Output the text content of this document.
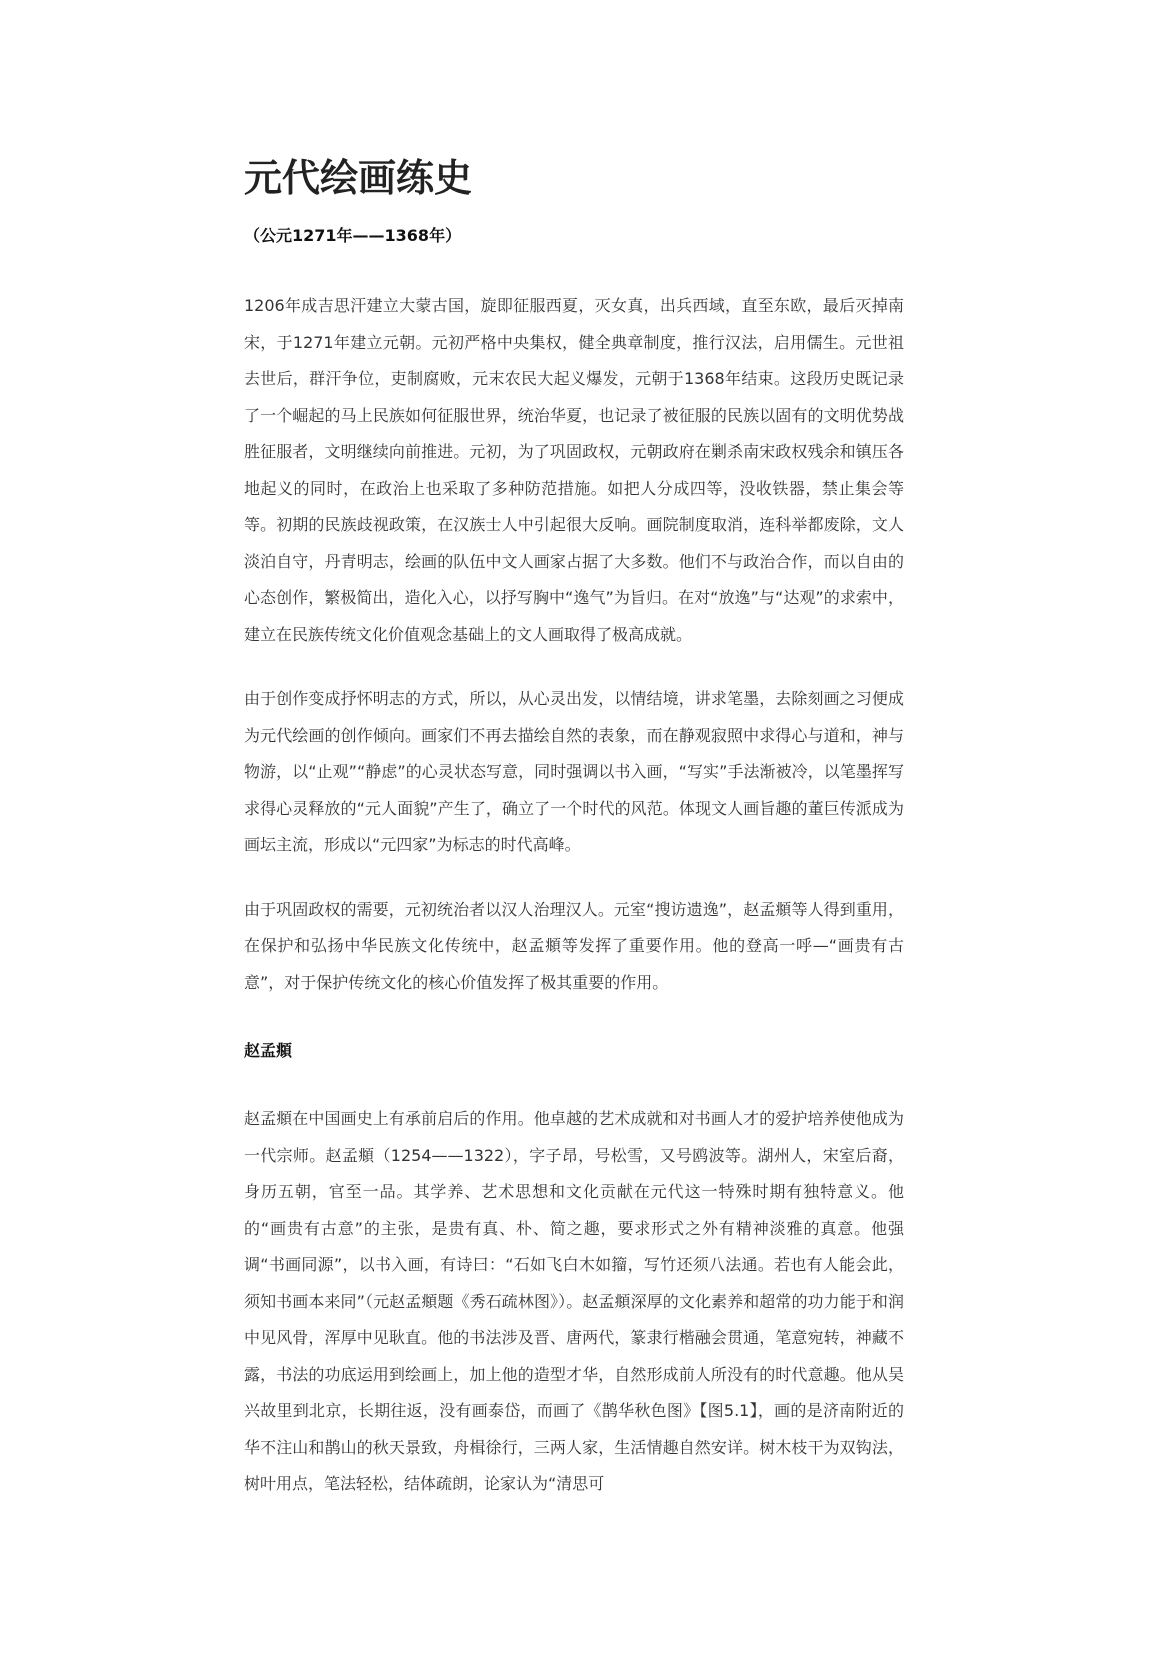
元代绘画练史

（公元1271年——1368年）

1206年成吉思汗建立大蒙古国，旋即征服西夏，灭女真，出兵西域，直至东欧，最后灭掉南宋，于1271年建立元朝。元初严格中央集权，健全典章制度，推行汉法，启用儒生。元世祖去世后，群汗争位，吏制腐败，元末农民大起义爆发，元朝于1368年结束。这段历史既记录了一个崛起的马上民族如何征服世界，统治华夏，也记录了被征服的民族以固有的文明优势战胜征服者，文明继续向前推进。元初，为了巩固政权，元朝政府在剿杀南宋政权残余和镇压各地起义的同时，在政治上也采取了多种防范措施。如把人分成四等，没收铁器，禁止集会等等。初期的民族歧视政策，在汉族士人中引起很大反响。画院制度取消，连科举都废除，文人淡泊自守，丹青明志，绘画的队伍中文人画家占据了大多数。他们不与政治合作，而以自由的心态创作，繁极简出，造化入心，以抒写胸中“逸气”为旨归。在对“放逸”与“达观”的求索中，建立在民族传统文化价值观念基础上的文人画取得了极高成就。

由于创作变成抒怀明志的方式，所以，从心灵出发，以情结境，讲求笔墨，去除刻画之习便成为元代绘画的创作倾向。画家们不再去描绘自然的表象，而在静观寂照中求得心与道和，神与物游，以“止观”“静虑”的心灵状态写意，同时强调以书入画，“写实”手法渐被冷，以笔墨挥写求得心灵释放的“元人面貌”产生了，确立了一个时代的风范。体现文人画旨趣的董巨传派成为画坛主流，形成以“元四家”为标志的时代高峰。

由于巩固政权的需要，元初统治者以汉人治理汉人。元室“搜访遗逸”，赵孟頫等人得到重用，在保护和弘扬中华民族文化传统中，赵孟頫等发挥了重要作用。他的登高一呼—“画贵有古意”，对于保护传统文化的核心价值发挥了极其重要的作用。

赵孟頫

赵孟頫在中国画史上有承前启后的作用。他卓越的艺术成就和对书画人才的爱护培养使他成为一代宗师。赵孟頫（1254——1322），字子昂，号松雪，又号鸥波等。湖州人，宋室后裔，身历五朝，官至一品。其学养、艺术思想和文化贡献在元代这一特殊时期有独特意义。他的“画贵有古意”的主张，是贵有真、朴、简之趣，要求形式之外有精神淡雅的真意。他强调“书画同源”，以书入画，有诗曰：“石如飞白木如籀，写竹还须八法通。若也有人能会此，须知书画本来同”（元赵孟頫题《秀石疏林图》）。赵孟頫深厚的文化素养和超常的功力能于和润中见风骨，浑厚中见耿直。他的书法涉及晋、唐两代，篆隶行楷融会贯通，笔意宛转，神藏不露，书法的功底运用到绘画上，加上他的造型才华，自然形成前人所没有的时代意趣。他从吴兴故里到北京，长期往返，没有画泰岱，而画了《鹊华秋色图》【图5.1】，画的是济南附近的华不注山和鹊山的秋天景致，舟楫徐行，三两人家，生活情趣自然安详。树木枝干为双钩法，树叶用点，笔法轻松，结体疏朗，论家认为“清思可
